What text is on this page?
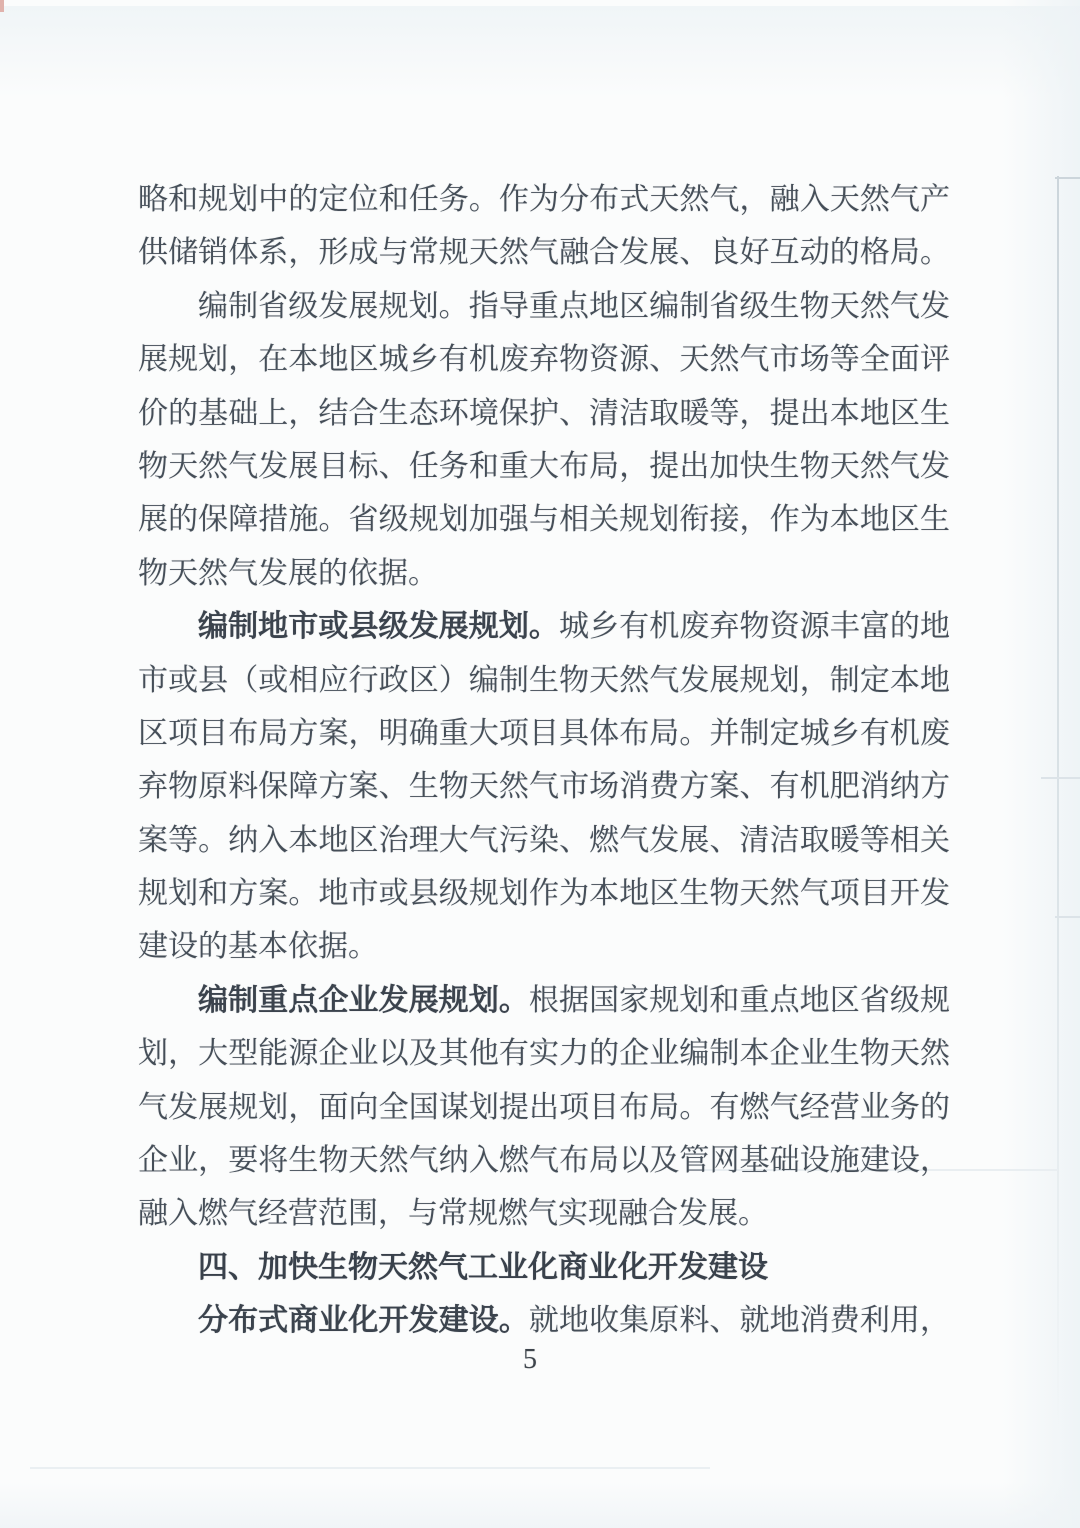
略和规划中的定位和任务。作为分布式天然气，融入天然气产
供储销体系，形成与常规天然气融合发展、良好互动的格局。
编制省级发展规划。指导重点地区编制省级生物天然气发
展规划，在本地区城乡有机废弃物资源、天然气市场等全面评
价的基础上，结合生态环境保护、清洁取暖等，提出本地区生
物天然气发展目标、任务和重大布局，提出加快生物天然气发
展的保障措施。省级规划加强与相关规划衔接，作为本地区生
物天然气发展的依据。
编制地市或县级发展规划。城乡有机废弃物资源丰富的地
市或县（或相应行政区）编制生物天然气发展规划，制定本地
区项目布局方案，明确重大项目具体布局。并制定城乡有机废
弃物原料保障方案、生物天然气市场消费方案、有机肥消纳方
案等。纳入本地区治理大气污染、燃气发展、清洁取暖等相关
规划和方案。地市或县级规划作为本地区生物天然气项目开发
建设的基本依据。
编制重点企业发展规划。根据国家规划和重点地区省级规
划，大型能源企业以及其他有实力的企业编制本企业生物天然
气发展规划，面向全国谋划提出项目布局。有燃气经营业务的
企业，要将生物天然气纳入燃气布局以及管网基础设施建设，
融入燃气经营范围，与常规燃气实现融合发展。
四、加快生物天然气工业化商业化开发建设
分布式商业化开发建设。就地收集原料、就地消费利用，
5
